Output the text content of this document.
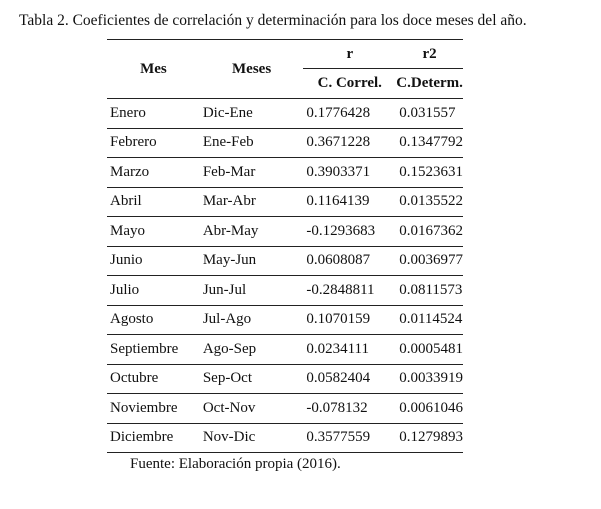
Tabla 2. Coeficientes de correlación y determinación para los doce meses del año.
Mes	Meses	r	r2
		C. Correl.	C.Determ.
Enero	Dic-Ene	0.1776428	0.031557
Febrero	Ene-Feb	0.3671228	0.1347792
Marzo	Feb-Mar	0.3903371	0.1523631
Abril	Mar-Abr	0.1164139	0.0135522
Mayo	Abr-May	-0.1293683	0.0167362
Junio	May-Jun	0.0608087	0.0036977
Julio	Jun-Jul	-0.2848811	0.0811573
Agosto	Jul-Ago	0.1070159	0.0114524
Septiembre	Ago-Sep	0.0234111	0.0005481
Octubre	Sep-Oct	0.0582404	0.0033919
Noviembre	Oct-Nov	-0.078132	0.0061046
Diciembre	Nov-Dic	0.3577559	0.1279893
Fuente: Elaboración propia (2016).
